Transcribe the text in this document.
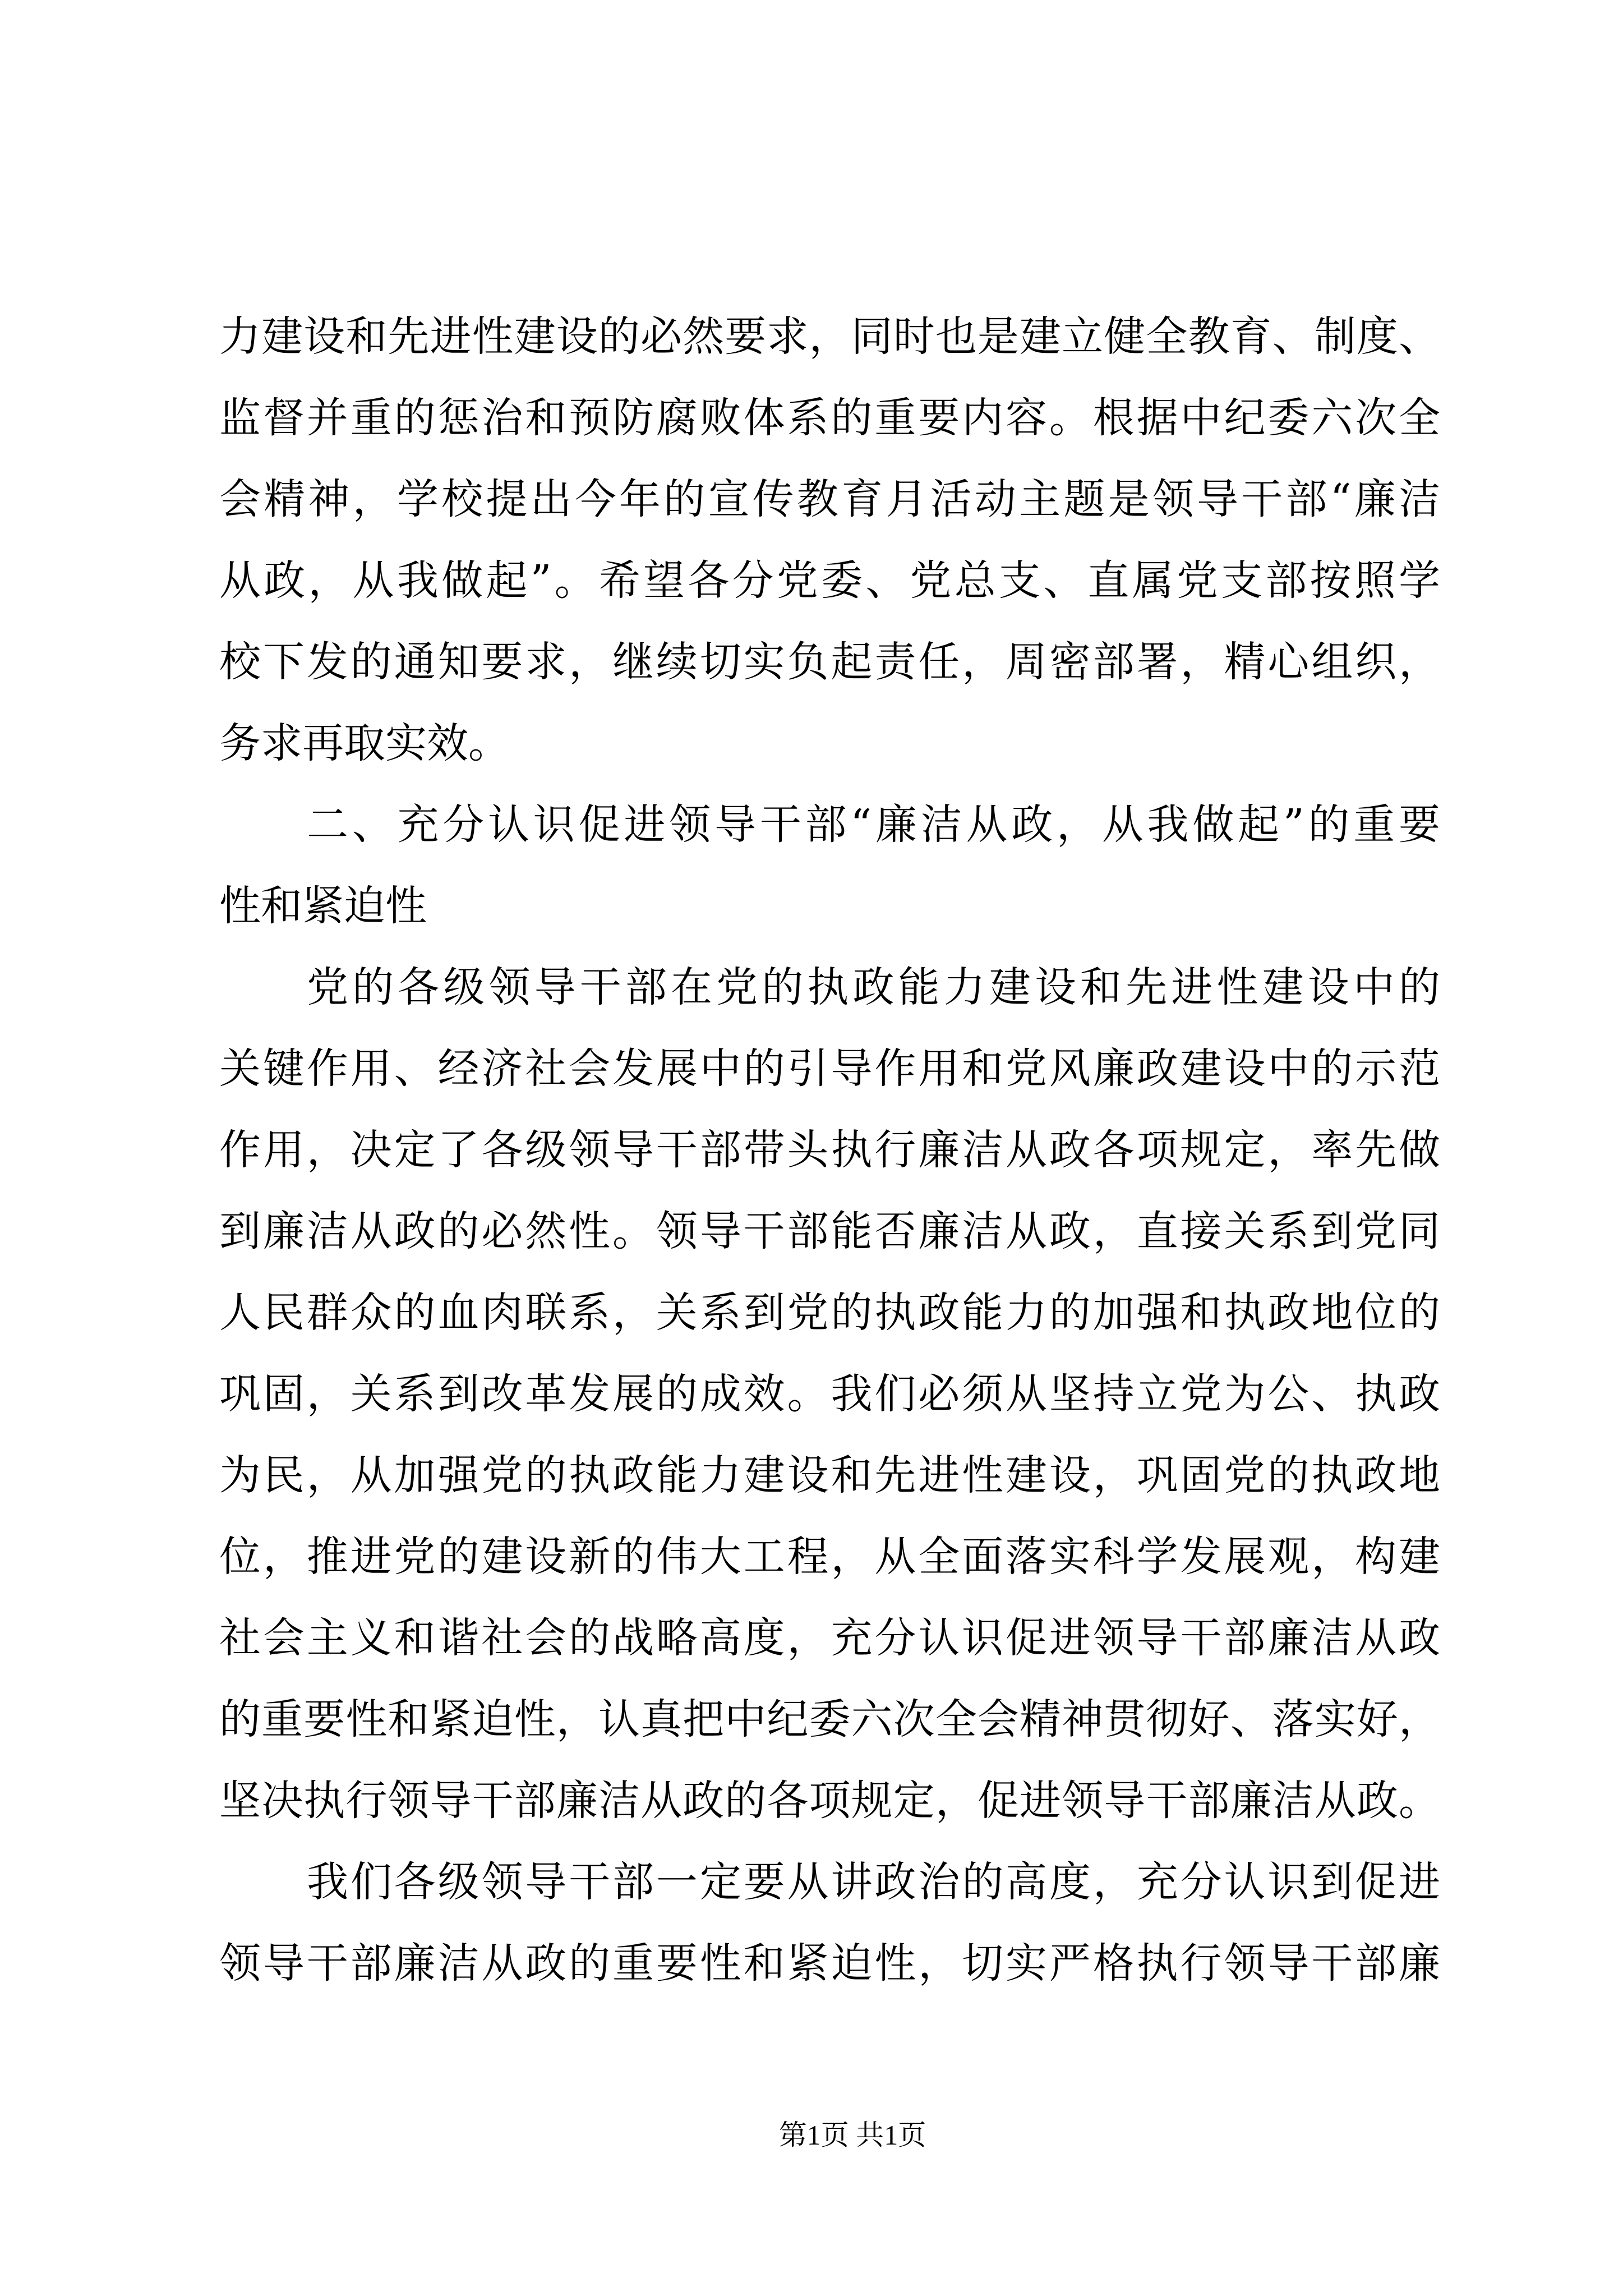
力建设和先进性建设的必然要求，同时也是建立健全教育、制度、
监督并重的惩治和预防腐败体系的重要内容。根据中纪委六次全
会精神，学校提出今年的宣传教育月活动主题是领导干部“廉洁
从政，从我做起”。希望各分党委、党总支、直属党支部按照学
校下发的通知要求，继续切实负起责任，周密部署，精心组织，
务求再取实效。
二、充分认识促进领导干部“廉洁从政，从我做起”的重要
性和紧迫性
党的各级领导干部在党的执政能力建设和先进性建设中的
关键作用、经济社会发展中的引导作用和党风廉政建设中的示范
作用，决定了各级领导干部带头执行廉洁从政各项规定，率先做
到廉洁从政的必然性。领导干部能否廉洁从政，直接关系到党同
人民群众的血肉联系，关系到党的执政能力的加强和执政地位的
巩固，关系到改革发展的成效。我们必须从坚持立党为公、执政
为民，从加强党的执政能力建设和先进性建设，巩固党的执政地
位，推进党的建设新的伟大工程，从全面落实科学发展观，构建
社会主义和谐社会的战略高度，充分认识促进领导干部廉洁从政
的重要性和紧迫性，认真把中纪委六次全会精神贯彻好、落实好，
坚决执行领导干部廉洁从政的各项规定，促进领导干部廉洁从政。
我们各级领导干部一定要从讲政治的高度，充分认识到促进
领导干部廉洁从政的重要性和紧迫性，切实严格执行领导干部廉
第1页 共1页
